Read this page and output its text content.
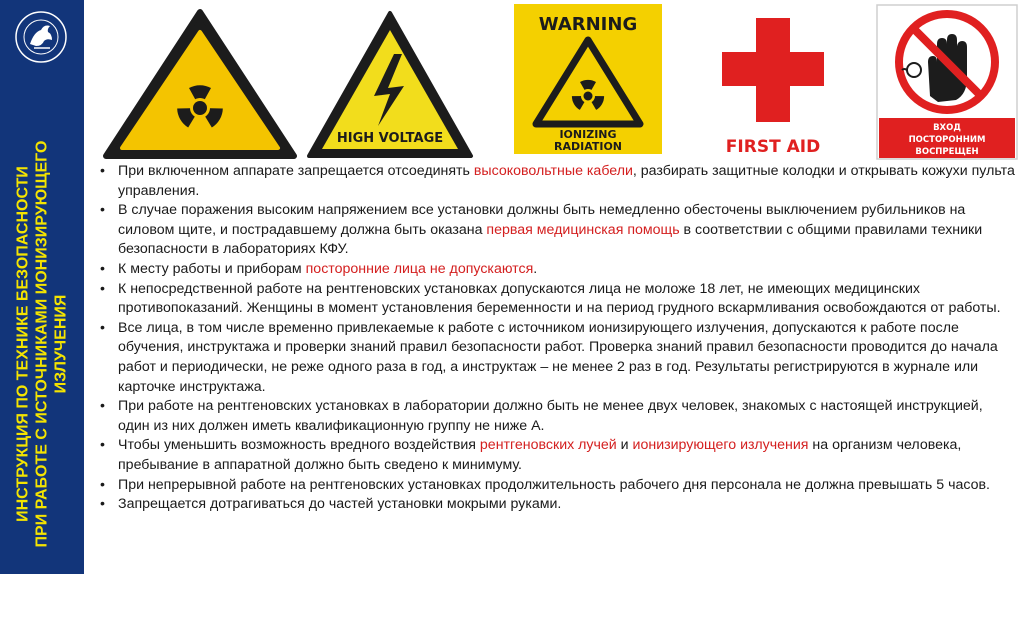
ИНСТРУКЦИЯ ПО ТЕХНИКЕ БЕЗОПАСНОСТИ ПРИ РАБОТЕ С ИСТОЧНИКАМИ ИОНИЗИРУЮЩЕГО ИЗЛУЧЕНИЯ
HIGH VOLTAGE
WARNING
IONIZING
RADIATION	FIRST AID
ВХОД
ПОСТОРОННИМ
ВОСПРЕЩЕН
• При включенном аппарате запрещается отсоединять высоковольтные кабели, разбирать защитные колодки и открывать кожухи пульта управления.
• В случае поражения высоким напряжением все установки должны быть немедленно обесточены выключением рубильников на силовом щите, и пострадавшему должна быть оказана первая медицинская помощь в соответствии с общими правилами техники безопасности в лабораториях КФУ.
• К месту работы и приборам посторонние лица не допускаются.
• К непосредственной работе на рентгеновских установках допускаются лица не моложе 18 лет, не имеющих медицинских противопоказаний. Женщины в момент установления беременности и на период грудного вскармливания освобождаются от работы.
• Все лица, в том числе временно привлекаемые к работе с источником ионизирующего излучения, допускаются к работе после обучения, инструктажа и проверки знаний правил безопасности работ. Проверка знаний правил безопасности проводится до начала работ и периодически, не реже одного раза в год, а инструктаж – не менее 2 раз в год. Результаты регистрируются в журнале или карточке инструктажа.
• При работе на рентгеновских установках в лаборатории должно быть не менее двух человек, знакомых с настоящей инструкцией, один из них должен иметь квалификационную группу не ниже А.
• Чтобы уменьшить возможность вредного воздействия рентгеновских лучей и ионизирующего излучения на организм человека, пребывание в аппаратной должно быть сведено к минимуму.
• При непрерывной работе на рентгеновских установках продолжительность рабочего дня персонала не должна превышать 5 часов.
• Запрещается дотрагиваться до частей установки мокрыми руками.
